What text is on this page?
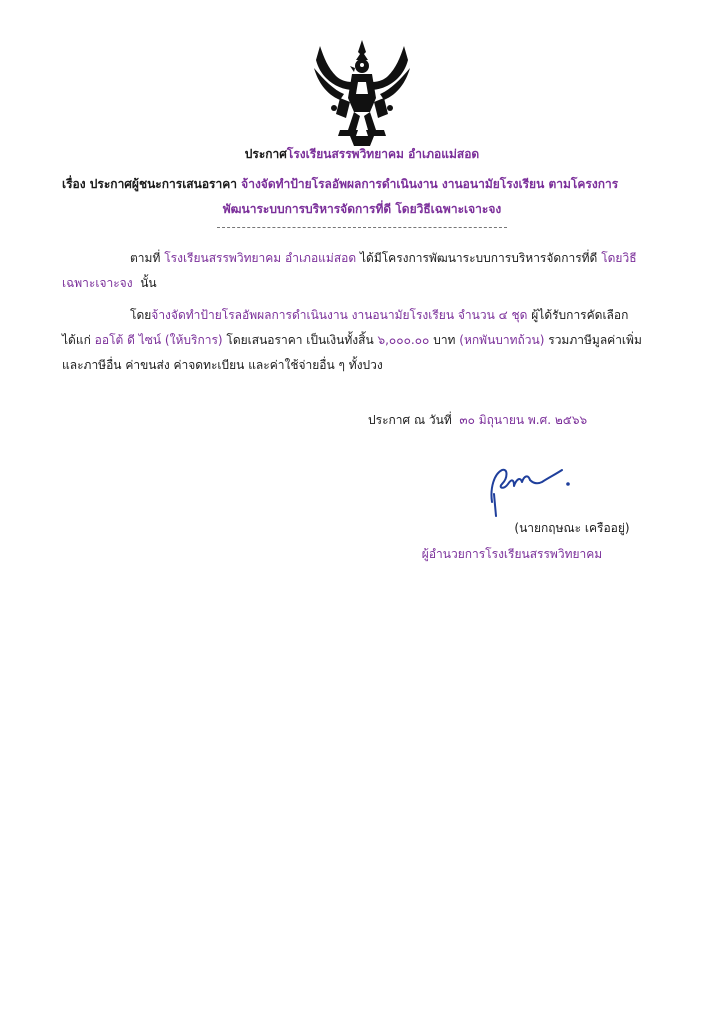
ประกาศโรงเรียนสรรพวิทยาคม อำเภอแม่สอด
เรื่อง ประกาศผู้ชนะการเสนอราคา จ้างจัดทำป้ายโรลอัพผลการดำเนินงาน งานอนามัยโรงเรียน ตามโครงการ
พัฒนาระบบการบริหารจัดการที่ดี โดยวิธีเฉพาะเจาะจง
ตามที่ โรงเรียนสรรพวิทยาคม อำเภอแม่สอด ได้มีโครงการพัฒนาระบบการบริหารจัดการที่ดี โดยวิธี
เฉพาะเจาะจง นั้น
โดยจ้างจัดทำป้ายโรลอัพผลการดำเนินงาน งานอนามัยโรงเรียน จำนวน ๔ ชุด ผู้ได้รับการคัดเลือก
ได้แก่ ออโต้ ดี ไซน์ (ให้บริการ) โดยเสนอราคา เป็นเงินทั้งสิ้น ๖,๐๐๐.๐๐ บาท (หกพันบาทถ้วน) รวมภาษีมูลค่าเพิ่ม
และภาษีอื่น ค่าขนส่ง ค่าจดทะเบียน และค่าใช้จ่ายอื่น ๆ ทั้งปวง
ประกาศ ณ วันที่ ๓๐ มิถุนายน พ.ศ. ๒๕๖๖
(นายกฤษณะ เครืออยู่)
ผู้อำนวยการโรงเรียนสรรพวิทยาคม
